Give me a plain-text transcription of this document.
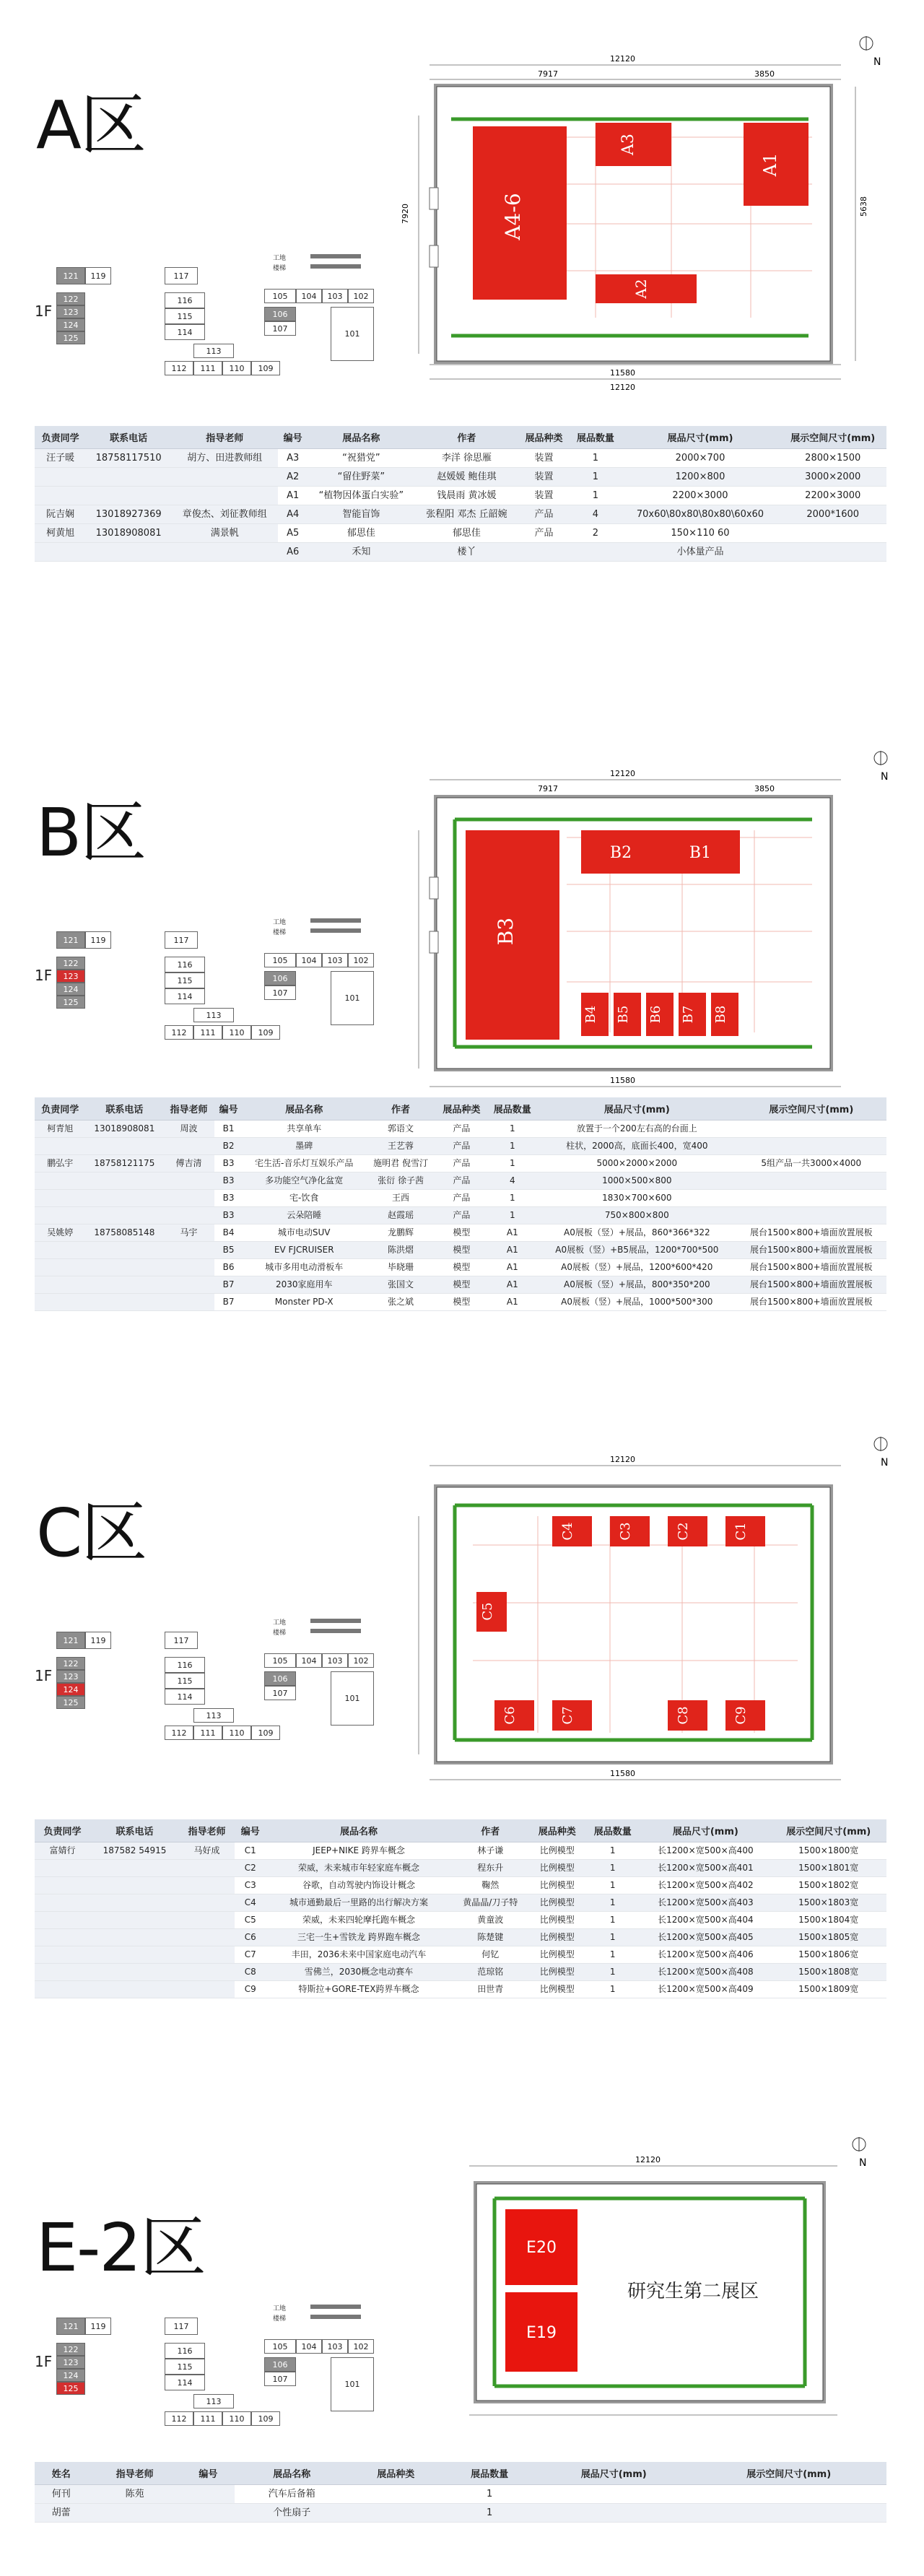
A区
1F
121	119
122
123
124
125
117
116
115
114
113
112	111	110	109
105	104	103	102
106
107
101
工地
楼梯
12120
7917	3850
11580
12120
A4-6
A3
A1
A2
7920	5638
N
负责同学	联系电话	指导老师	编号	展品名称	作者	展品种类	展品数量	展品尺寸(mm)	展示空间尺寸(mm)
汪子暖	18758117510	胡方、田进教师组	A3	“祝猎党”	李洋 徐思雁	装置	1	2000×700	2800×1500
			A2	“留住野菜”	赵媛媛 鲍佳琪	装置	1	1200×800	3000×2000
			A1	“植物因体蛋白实验”	钱晨雨 黄冰媛	装置	1	2200×3000	2200×3000
阮吉娴	13018927369	章俊杰、刘征教师组	A4	智能盲饰	张程阳 邓杰 丘韶婉	产品	4	70x60\80x80\80x80\60x60	2000*1600
柯黄旭	13018908081	满景帆	A5	郁思佳	郁思佳	产品	2	150×110 60	
			A6	禾知	楼丫			小体量产品	
B区
1F
121	119
122
123
124
125
117
116
115
114
113
112	111	110	109
105	104	103	102
106
107
101
工地
楼梯
12120
7917	3850
11580
B3
B2	B1
B4 B5 B6 B7 B8
N
负责同学	联系电话	指导老师	编号	展品名称	作者	展品种类	展品数量	展品尺寸(mm)	展示空间尺寸(mm)
柯青旭	13018908081	周波	B1	共享单车	郭语文	产品	1	放置于一个200左右高的台面上	
			B2	墨碑	王艺蓉	产品	1	柱状，2000高，底面长400，宽400	
鹏弘宇	18758121175	傅吉清	B3	宅生活-音乐灯互娱乐产品	施明君 倪雪汀	产品	1	5000×2000×2000	5组产品一共3000×4000
			B3	多功能空气净化盆宽	张衍 徐子茜	产品	4	1000×500×800	
			B3	宅-饮食	王西	产品	1	1830×700×600	
			B3	云朵陪睡	赵霞瑶	产品	1	750×800×800	
吴姚婷	18758085148	马宇	B4	城市电动SUV	龙鹏辉	模型	A1	A0展板（竖）+展品，860*366*322	展台1500×800+墙面放置展板
			B5	EV FJCRUISER	陈洪熠	模型	A1	A0展板（竖）+B5展品，1200*700*500	展台1500×800+墙面放置展板
			B6	城市多用电动滑板车	毕晓珊	模型	A1	A0展板（竖）+展品，1200*600*420	展台1500×800+墙面放置展板
			B7	2030家庭用车	张国文	模型	A1	A0展板（竖）+展品，800*350*200	展台1500×800+墙面放置展板
			B7	Monster PD-X	张之斌	模型	A1	A0展板（竖）+展品，1000*500*300	展台1500×800+墙面放置展板
C区
1F
121	119
122
123
124
125
117
116
115
114
113
112	111	110	109
105	104	103	102
106
107
101
工地
楼梯
12120
11580
C4	C3	C2	C1
C5
C6	C7	C8	C9
N
负责同学	联系电话	指导老师	编号	展品名称	作者	展品种类	展品数量	展品尺寸(mm)	展示空间尺寸(mm)
富婧行	187582 54915	马好成	C1	JEEP+NIKE 跨界车概念	林子谦	比例模型	1	长1200×宽500×高400	1500×1800宽
			C2	荣威，未来城市年轻家庭车概念	程东升	比例模型	1	长1200×宽500×高401	1500×1801宽
			C3	谷歌，自动驾驶内饰设计概念	鞠然	比例模型	1	长1200×宽500×高402	1500×1802宽
			C4	城市通勤最后一里路的出行解决方案	黄晶晶/刀子特	比例模型	1	长1200×宽500×高403	1500×1803宽
			C5	荣威，未来四轮摩托跑车概念	黄童波	比例模型	1	长1200×宽500×高404	1500×1804宽
			C6	三宅一生+雪铁龙 跨界跑车概念	陈楚键	比例模型	1	长1200×宽500×高405	1500×1805宽
			C7	丰田，2036未来中国家庭电动汽车	何钇	比例模型	1	长1200×宽500×高406	1500×1806宽
			C8	雪佛兰，2030概念电动赛车	范琼铭	比例模型	1	长1200×宽500×高408	1500×1808宽
			C9	特斯拉+GORE-TEX跨界车概念	田世青	比例模型	1	长1200×宽500×高409	1500×1809宽
E-2区
1F
121	119
122
123
124
125
117
116
115
114
113
112	111	110	109
105	104	103	102
106
107
101
工地
楼梯
12120
E20
E19
研究生第二展区
N
姓名	指导老师	编号	展品名称	展品种类	展品数量	展品尺寸(mm)	展示空间尺寸(mm)
何刊	陈苑		汽车后备箱		1		
胡蕾			个性扇子		1		
